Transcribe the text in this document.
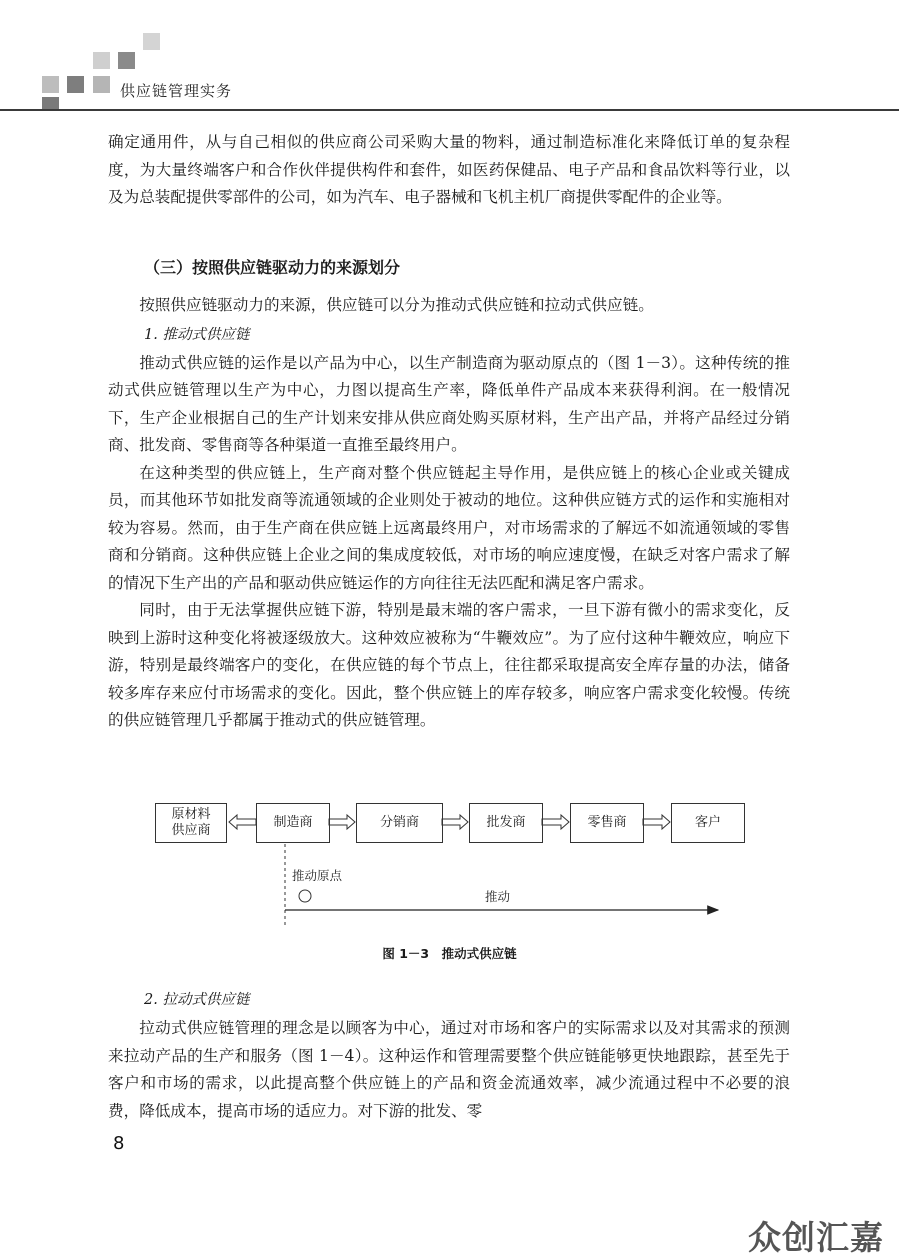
供应链管理实务

确定通用件，从与自己相似的供应商公司采购大量的物料，通过制造标准化来降低订单的复杂程度，为大量终端客户和合作伙伴提供构件和套件，如医药保健品、电子产品和食品饮料等行业，以及为总装配提供零部件的公司，如为汽车、电子器械和飞机主机厂商提供零配件的企业等。

（三）按照供应链驱动力的来源划分

按照供应链驱动力的来源，供应链可以分为推动式供应链和拉动式供应链。

1. 推动式供应链

推动式供应链的运作是以产品为中心，以生产制造商为驱动原点的（图 1－3）。这种传统的推动式供应链管理以生产为中心，力图以提高生产率，降低单件产品成本来获得利润。在一般情况下，生产企业根据自己的生产计划来安排从供应商处购买原材料，生产出产品，并将产品经过分销商、批发商、零售商等各种渠道一直推至最终用户。

在这种类型的供应链上，生产商对整个供应链起主导作用，是供应链上的核心企业或关键成员，而其他环节如批发商等流通领域的企业则处于被动的地位。这种供应链方式的运作和实施相对较为容易。然而，由于生产商在供应链上远离最终用户，对市场需求的了解远不如流通领域的零售商和分销商。这种供应链上企业之间的集成度较低，对市场的响应速度慢，在缺乏对客户需求了解的情况下生产出的产品和驱动供应链运作的方向往往无法匹配和满足客户需求。

同时，由于无法掌握供应链下游，特别是最末端的客户需求，一旦下游有微小的需求变化，反映到上游时这种变化将被逐级放大。这种效应被称为“牛鞭效应”。为了应付这种牛鞭效应，响应下游，特别是最终端客户的变化，在供应链的每个节点上，往往都采取提高安全库存量的办法，储备较多库存来应付市场需求的变化。因此，整个供应链上的库存较多，响应客户需求变化较慢。传统的供应链管理几乎都属于推动式的供应链管理。

原材料
供应商
制造商	分销商	批发商	零售商	客户
推动原点
推动
图 1－3　推动式供应链

2. 拉动式供应链

拉动式供应链管理的理念是以顾客为中心，通过对市场和客户的实际需求以及对其需求的预测来拉动产品的生产和服务（图 1－4）。这种运作和管理需要整个供应链能够更快地跟踪，甚至先于客户和市场的需求，以此提高整个供应链上的产品和资金流通效率，减少流通过程中不必要的浪费，降低成本，提高市场的适应力。对下游的批发、零

8
众创汇嘉
